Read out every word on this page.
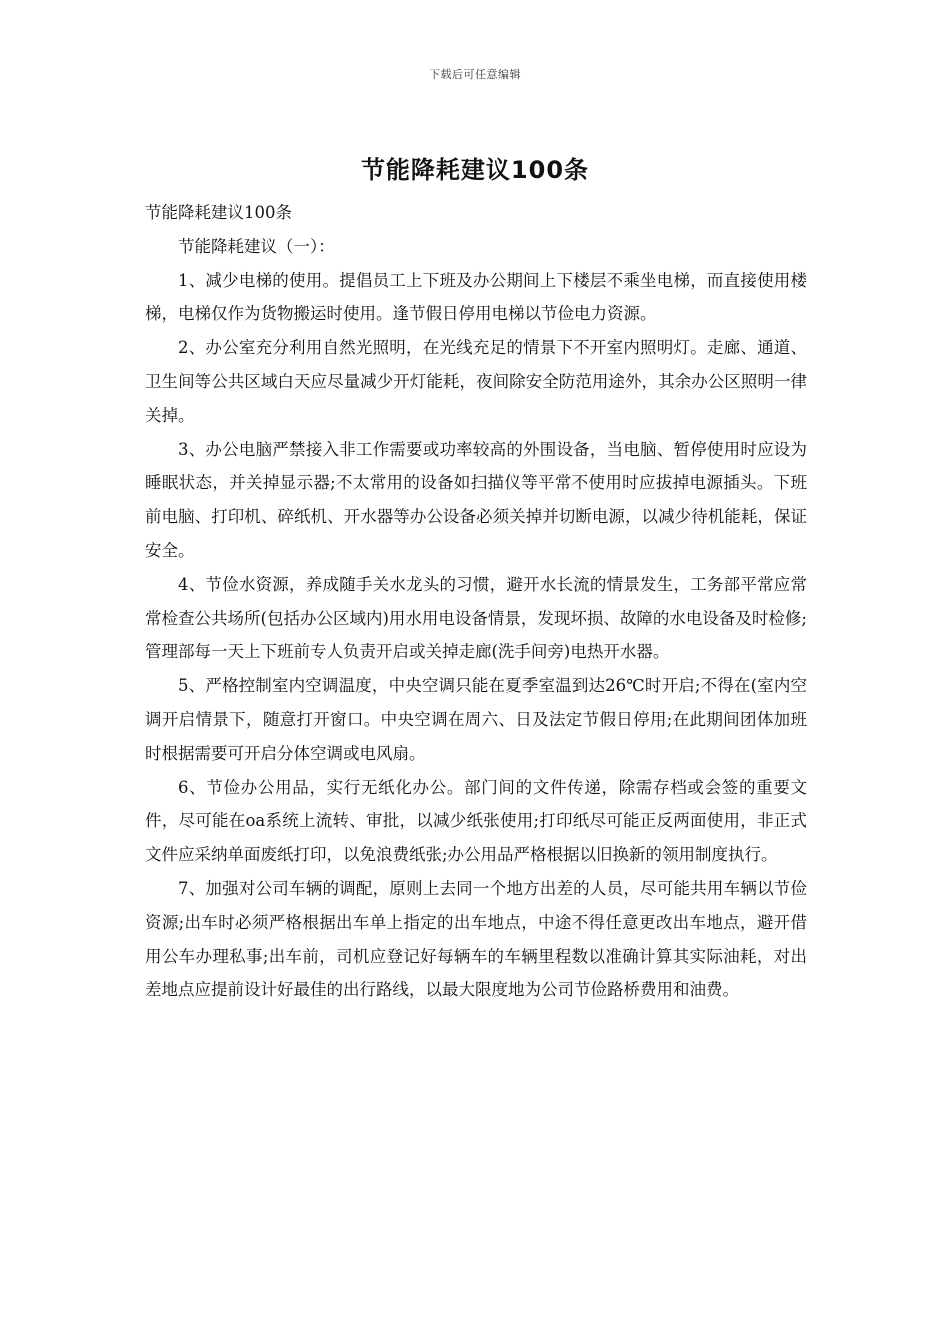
下载后可任意编辑
节能降耗建议100条

节能降耗建议100条

节能降耗建议（一）：

1、减少电梯的使用。提倡员工上下班及办公期间上下楼层不乘坐电梯，而直接使用楼梯，电梯仅作为货物搬运时使用。逢节假日停用电梯以节俭电力资源。

2、办公室充分利用自然光照明，在光线充足的情景下不开室内照明灯。走廊、通道、卫生间等公共区域白天应尽量减少开灯能耗，夜间除安全防范用途外，其余办公区照明一律关掉。

3、办公电脑严禁接入非工作需要或功率较高的外围设备，当电脑、暂停使用时应设为睡眠状态，并关掉显示器;不太常用的设备如扫描仪等平常不使用时应拔掉电源插头。下班前电脑、打印机、碎纸机、开水器等办公设备必须关掉并切断电源，以减少待机能耗，保证安全。

4、节俭水资源，养成随手关水龙头的习惯，避开水长流的情景发生，工务部平常应常常检查公共场所(包括办公区域内)用水用电设备情景，发现坏损、故障的水电设备及时检修;管理部每一天上下班前专人负责开启或关掉走廊(洗手间旁)电热开水器。

5、严格控制室内空调温度，中央空调只能在夏季室温到达26℃时开启;不得在(室内空调开启情景下，随意打开窗口。中央空调在周六、日及法定节假日停用;在此期间团体加班时根据需要可开启分体空调或电风扇。

6、节俭办公用品，实行无纸化办公。部门间的文件传递，除需存档或会签的重要文件，尽可能在oa系统上流转、审批，以减少纸张使用;打印纸尽可能正反两面使用，非正式文件应采纳单面废纸打印，以免浪费纸张;办公用品严格根据以旧换新的领用制度执行。

7、加强对公司车辆的调配，原则上去同一个地方出差的人员，尽可能共用车辆以节俭资源;出车时必须严格根据出车单上指定的出车地点，中途不得任意更改出车地点，避开借用公车办理私事;出车前，司机应登记好每辆车的车辆里程数以准确计算其实际油耗，对出差地点应提前设计好最佳的出行路线，以最大限度地为公司节俭路桥费用和油费。
